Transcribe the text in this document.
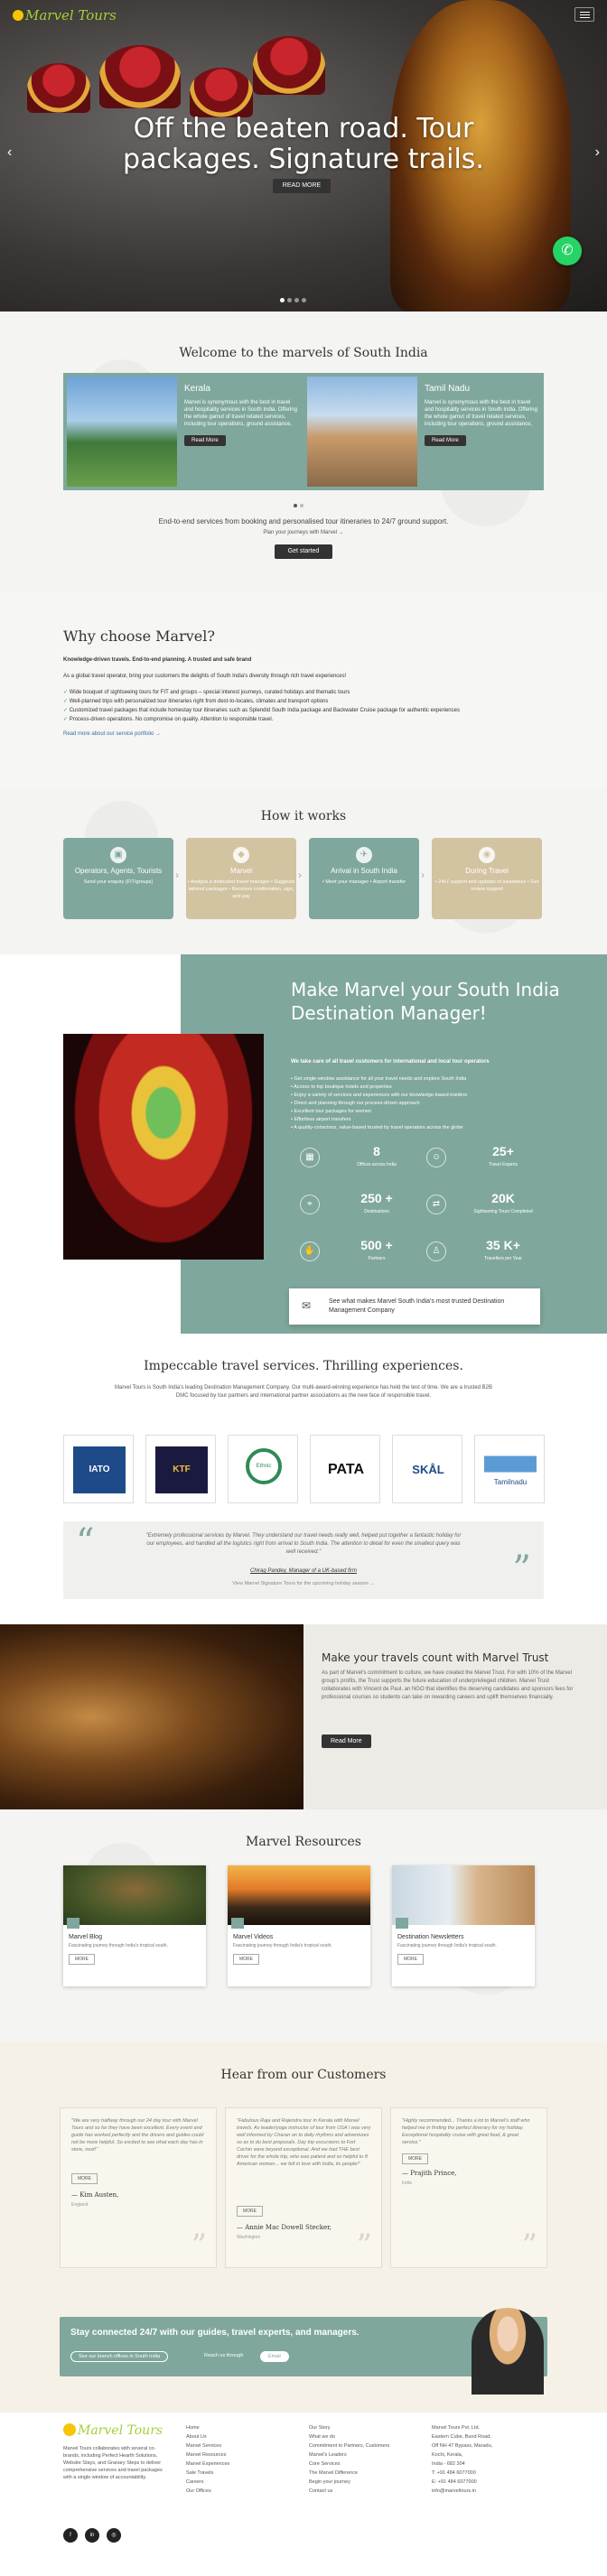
Marvel Tours
‹	›
Off the beaten road. Tour
packages. Signature trails.
READ MORE
✆
Welcome to the marvels of South India
Kerala

Marvel is synonymous with the best in travel and hospitality services in South India. Offering the whole gamut of travel related services, including tour operations, ground assistance,

Read More
Tamil Nadu

Marvel is synonymous with the best in travel and hospitality services in South India. Offering the whole gamut of travel related services, including tour operations, ground assistance,

Read More
End-to-end services from booking and personalised tour itineraries to 24/7 ground support.
Plan your journeys with Marvel →
Get started
Why choose Marvel?
Knowledge-driven travels. End-to-end planning. A trusted and safe brand
As a global travel operator, bring your customers the delights of South India's diversity through rich travel experiences!
✓ Wide bouquet of sightseeing tours for FIT and groups – special interest journeys, curated holidays and thematic tours
✓ Well-planned trips with personalized tour itineraries right from dest-to-locales, climates and transport options
✓ Customized travel packages that include homestay tour itineraries such as Splendid South India package and Backwater Cruise package for authentic experiences
✓ Process-driven operations. No compromise on quality. Attention to responsible travel.
Read more about our service portfolio →
How it works
▣
Operators, Agents, Tourists

Send your enquiry (FIT/groups)

›
◆
Marvel

• Assigns a dedicated travel manager • Suggests tailored packages • Receives confirmation, sign, and pay

›
✈
Arrival in South India

• Meet your manager • Airport transfer

›
◉
During Travel

• 24x7 support and updates of assistance • Get review support

Make Marvel your South India Destination Manager!
We take care of all travel customers for international and local tour operators
• Get single-window assistance for all your travel needs and explore South India
• Access to top boutique hotels and properties
• Enjoy a variety of services and experiences with our knowledge-based insiders
• Direct and planning through our process-driven approach
• Excellent tour packages for women
• Effortless airport transfers
• A quality-conscious, value-based trusted by travel operators across the globe
▦	8
Offices across India
☺	25+
Travel Experts
⌖	250 +
Destinations
⇄	20K
Sightseeing Tours Completed
✋	500 +
Partners
♙	35 K+
Travellers per Year
✉	See what makes Marvel South India's most trusted Destination Management Company

Impeccable travel services. Thrilling experiences.
Marvel Tours is South India's leading Destination Management Company. Our multi-award-winning experience has held the test of time. We are a trusted B2B DMC focused by tour partners and international partner associations as the new face of responsible travel.
IATO	KTF	Ethnic	PATA	SKÅL
Tamilnadu
“	"Extremely professional services by Marvel. They understand our travel needs really well, helped put together a fantastic holiday for our employees, and handled all the logistics right from arrival to South India. The attention to detail for even the smallest query was well received."

Chirag Pandey, Manager of a UK-based firm
View Marvel Signature Tours for the upcoming holiday season →	”
Make your travels count with Marvel Trust
As part of Marvel's commitment to culture, we have created the Marvel Trust. For with 10% of the Marvel group's profits, the Trust supports the future education of underprivileged children. Marvel Trust collaborates with Vincent de Paul, an NGO that identifies the deserving candidates and sponsors fees for professional courses so students can take on rewarding careers and uplift themselves financially.
Read More
Marvel Resources
Marvel Blog

Fascinating journey through India's tropical south.

MORE
Marvel Videos

Fascinating journey through India's tropical south.

MORE
Destination Newsletters

Fascinating journey through India's tropical south.

MORE
Hear from our Customers

"We are very halfway through our 24 day tour with Marvel Tours and so far they have been excellent. Every event and guide has worked perfectly and the drivers and guides could not be more helpful. So excited to see what each day has in store, next!"

MORE
— Kim Austen,
England
”

"Fabulous Raja and Rajendra tour in Kerala with Marvel travels. As leader/yoga instructor of tour from USA I was very well informed by Charan on to daily rhythms and adventures so as to do best proposals. Day trip excursions to Fort Cochin were beyond exceptional. And we had THE best driver for the whole trip, who was patient and so helpful to 8 American women... we felt in love with India, its people!"

MORE
— Annie Mac Dowell Stecker,
Washington	”

"Highly recommended... Thanks a lot to Marvel's staff who helped me in finding the perfect itinerary for my holiday. Exceptional hospitality cruise with great food, & great service."

MORE
— Prajith Prince,
India
”
Stay connected 24/7 with our guides, travel experts, and managers.
See our branch offices in South India	Reach us through	Email
Marvel Tours
Marvel Tours collaborates with several co-brands, including Perfect Hearth Solutions, Website Stays, and Granary Steps to deliver comprehensive services and travel packages with a single window of accountability.
Home
About Us
Marvel Services
Marvel Resources
Marvel Experiences
Sale Travels
Careers
Our Offices
Our Story
What we do
Commitment to Partners, Customers
Marvel's Leaders
Core Services
The Marvel Difference
Begin your journey
Contact us
Marvel Tours Pvt. Ltd.
Eastern Cube, Bund Road,
Off NH 47 Bypass, Maradu,
Kochi, Kerala,
India - 682 304
T: +91 484 6077000
E: +91 484 6077000
info@marveltours.in
f	in	◎
